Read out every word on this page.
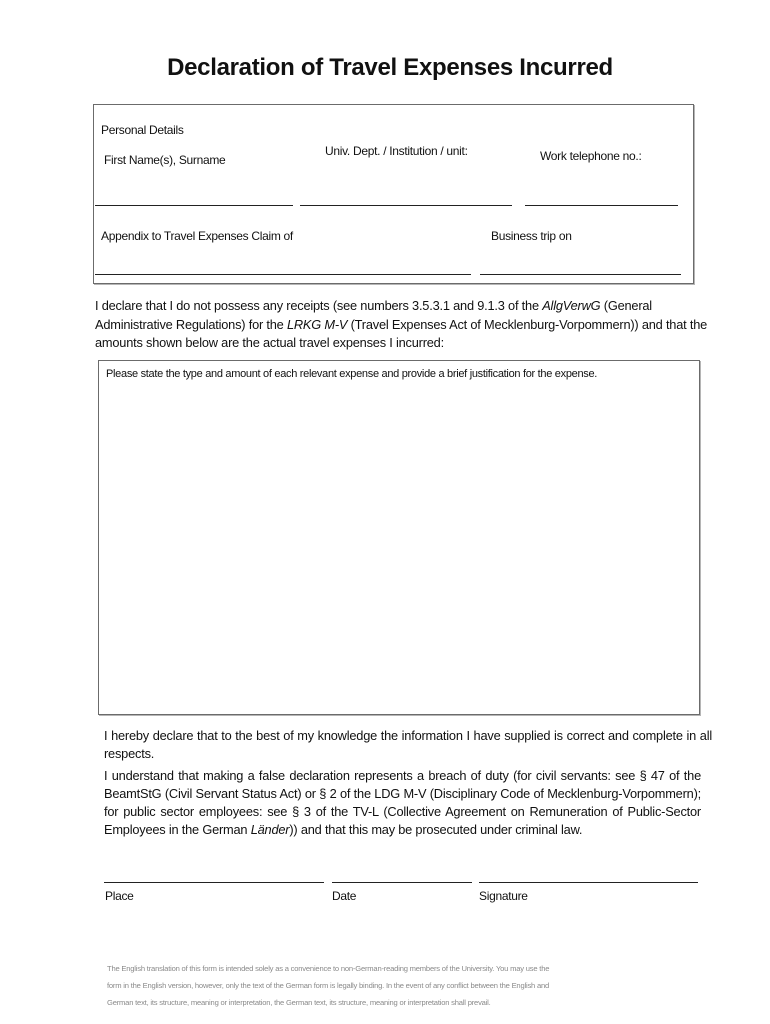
Declaration of Travel Expenses Incurred
Personal Details
First Name(s), Surname
Univ. Dept. / Institution / unit:	Work telephone no.:
Appendix to Travel Expenses Claim of	Business trip on
I declare that I do not possess any receipts (see numbers 3.5.3.1 and 9.1.3 of the AllgVerwG (General Administrative Regulations) for the LRKG M-V (Travel Expenses Act of Mecklenburg-Vorpommern)) and that the amounts shown below are the actual travel expenses I incurred:
Please state the type and amount of each relevant expense and provide a brief justification for the expense.
I hereby declare that to the best of my knowledge the information I have supplied is correct and complete in all respects.
I understand that making a false declaration represents a breach of duty (for civil servants: see § 47 of the BeamtStG (Civil Servant Status Act) or § 2 of the LDG M-V (Disciplinary Code of Mecklenburg-Vorpommern); for public sector employees: see § 3 of the TV-L (Collective Agreement on Remuneration of Public-Sector Employees in the German Länder)) and that this may be prosecuted under criminal law.
Place	Date	Signature
The English translation of this form is intended solely as a convenience to non-German-reading members of the University. You may use the
form in the English version, however, only the text of the German form is legally binding. In the event of any conflict between the English and
German text, its structure, meaning or interpretation, the German text, its structure, meaning or interpretation shall prevail.
